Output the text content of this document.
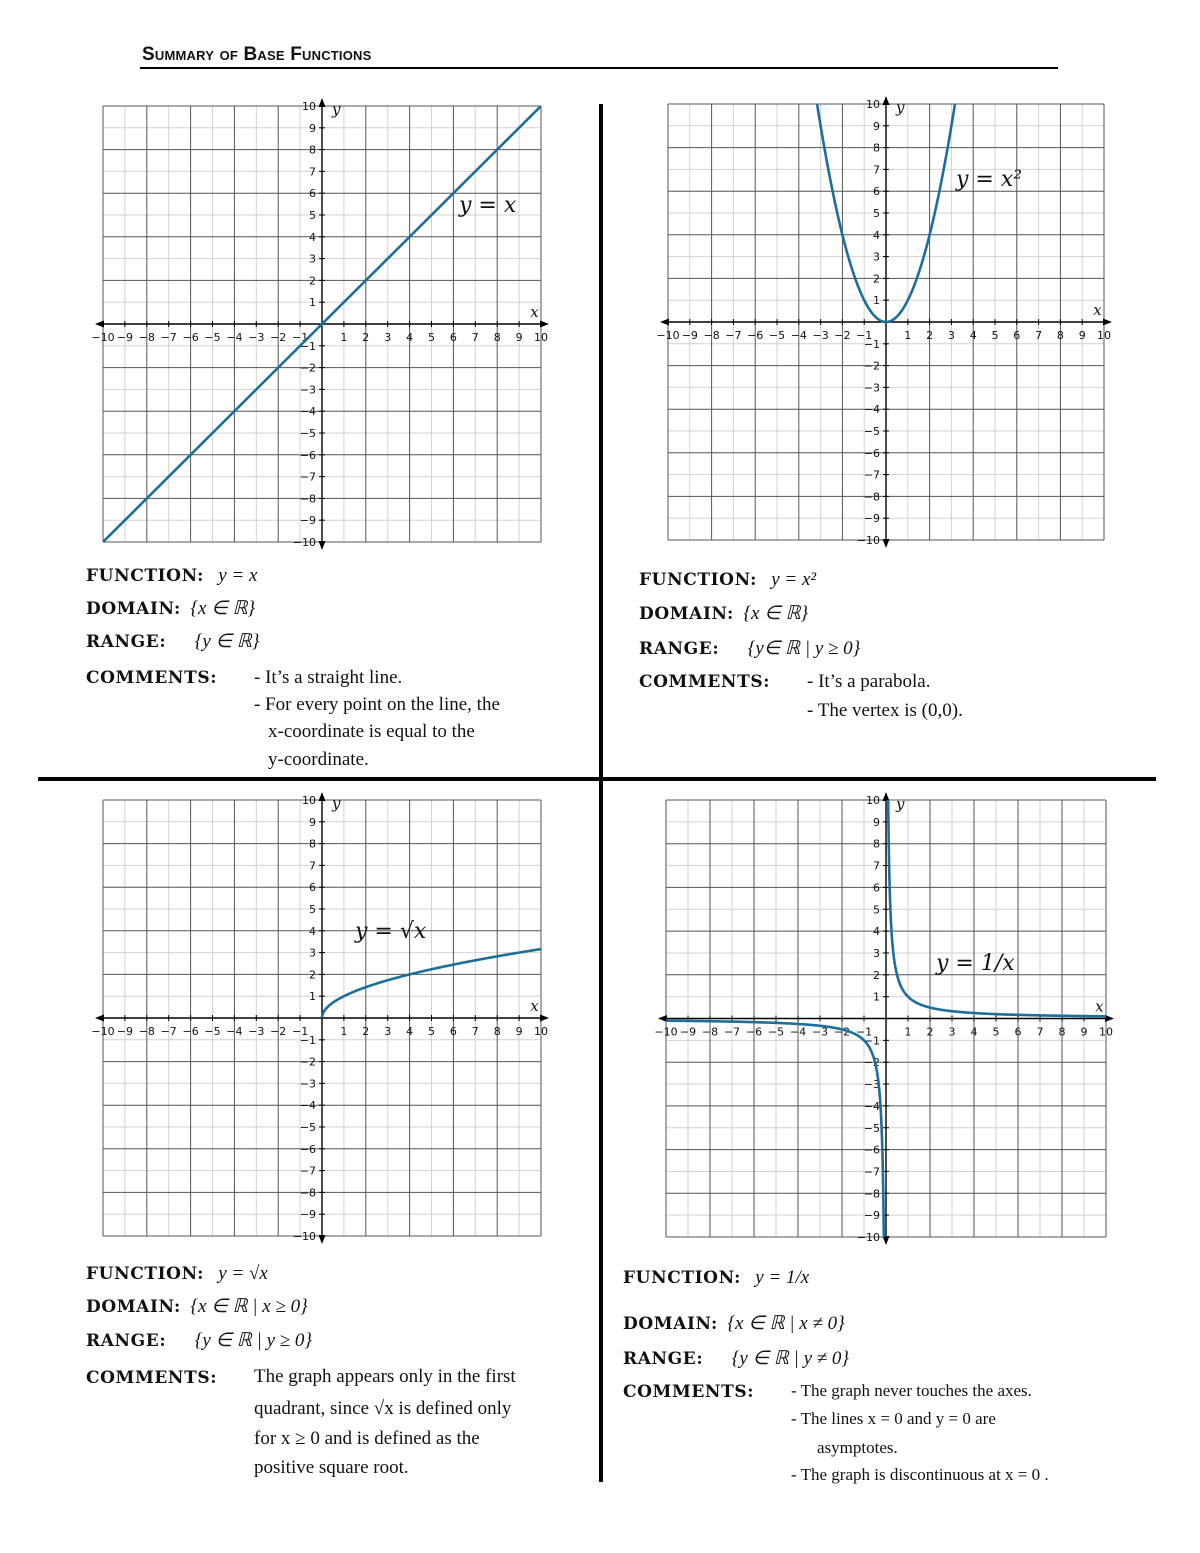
Summary of Base Functions
−10 −9 −8 −7 −6 −5 −4 −3 −2 −1	1 2 3 4 5 6 7 8 9 10
10
9
8
7
6
5
4
3
2
1
−1
−2
−3
−4
−5
−6
−7
−8
−9
−10
x
y
y = x
FUNCTION: y = x
DOMAIN: {x ∈ ℝ}
RANGE: {y ∈ ℝ}
COMMENTS: - It’s a straight line.
- For every point on the line, the
x-coordinate is equal to the
y-coordinate.
−10 −9 −8 −7 −6 −5 −4 −3 −2 −1	1 2 3 4 5 6 7 8 9 10
10
9
8
7
6
5
4
3
2
1
−1
−2
−3
−4
−5
−6
−7
−8
−9
−10
x
y
y = x²
FUNCTION: y = x²
DOMAIN: {x ∈ ℝ}
RANGE: {y∈ ℝ | y ≥ 0}
COMMENTS: - It’s a parabola.
- The vertex is (0,0).
−10 −9 −8 −7 −6 −5 −4 −3 −2 −1	1 2 3 4 5 6 7 8 9 10
10
9
8
7
6
5
4
3
2
1
−1
−2
−3
−4
−5
−6
−7
−8
−9
−10
x
y
y = √x
FUNCTION: y = √x
DOMAIN: {x ∈ ℝ | x ≥ 0}
RANGE: {y ∈ ℝ | y ≥ 0}
COMMENTS: The graph appears only in the first
quadrant, since √x is defined only
for x ≥ 0 and is defined as the
positive square root.
−10 −9 −8 −7 −6 −5 −4 −3 −2 −1	1 2 3 4 5 6 7 8 9 10
10
9
8
7
6
5
4
3
2
1
−1
−2
−3
−4
−5
−6
−7
−8
−9
−10
x
y
y = 1/x
FUNCTION: y = 1/x
DOMAIN: {x ∈ ℝ | x ≠ 0}
RANGE: {y ∈ ℝ | y ≠ 0}
COMMENTS: - The graph never touches the axes.
- The lines x = 0 and y = 0 are
asymptotes.
- The graph is discontinuous at x = 0 .
